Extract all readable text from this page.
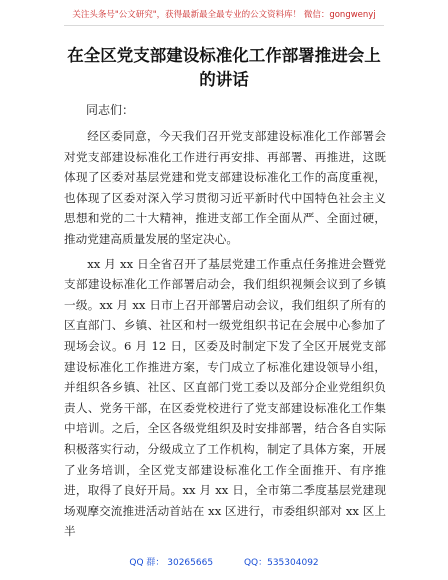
关注头条号"公文研究"，获得最新最全最专业的公文资料库！ 微信：gongwenyj
在全区党支部建设标准化工作部署推进会上的讲话
同志们：

经区委同意，今天我们召开党支部建设标准化工作部署会对党支部建设标准化工作进行再安排、再部署、再推进，这既体现了区委对基层党建和党支部建设标准化工作的高度重视，也体现了区委对深入学习贯彻习近平新时代中国特色社会主义思想和党的二十大精神，推进支部工作全面从严、全面过硬，推动党建高质量发展的坚定决心。

xx 月 xx 日全省召开了基层党建工作重点任务推进会暨党支部建设标准化工作部署启动会，我们组织视频会议到了乡镇一级。xx 月 xx 日市上召开部署启动会议，我们组织了所有的区直部门、乡镇、社区和村一级党组织书记在会展中心参加了现场会议。6 月 12 日，区委及时制定下发了全区开展党支部建设标准化工作推进方案，专门成立了标准化建设领导小组，并组织各乡镇、社区、区直部门党工委以及部分企业党组织负责人、党务干部，在区委党校进行了党支部建设标准化工作集中培训。之后，全区各级党组织及时安排部署，结合各自实际积极落实行动，分级成立了工作机构，制定了具体方案，开展了业务培训，全区党支部建设标准化工作全面推开、有序推进，取得了良好开局。xx 月 xx 日，全市第二季度基层党建现场观摩交流推进活动首站在 xx 区进行，市委组织部对 xx 区上半

QQ 群： 30265665	QQ：535304092
